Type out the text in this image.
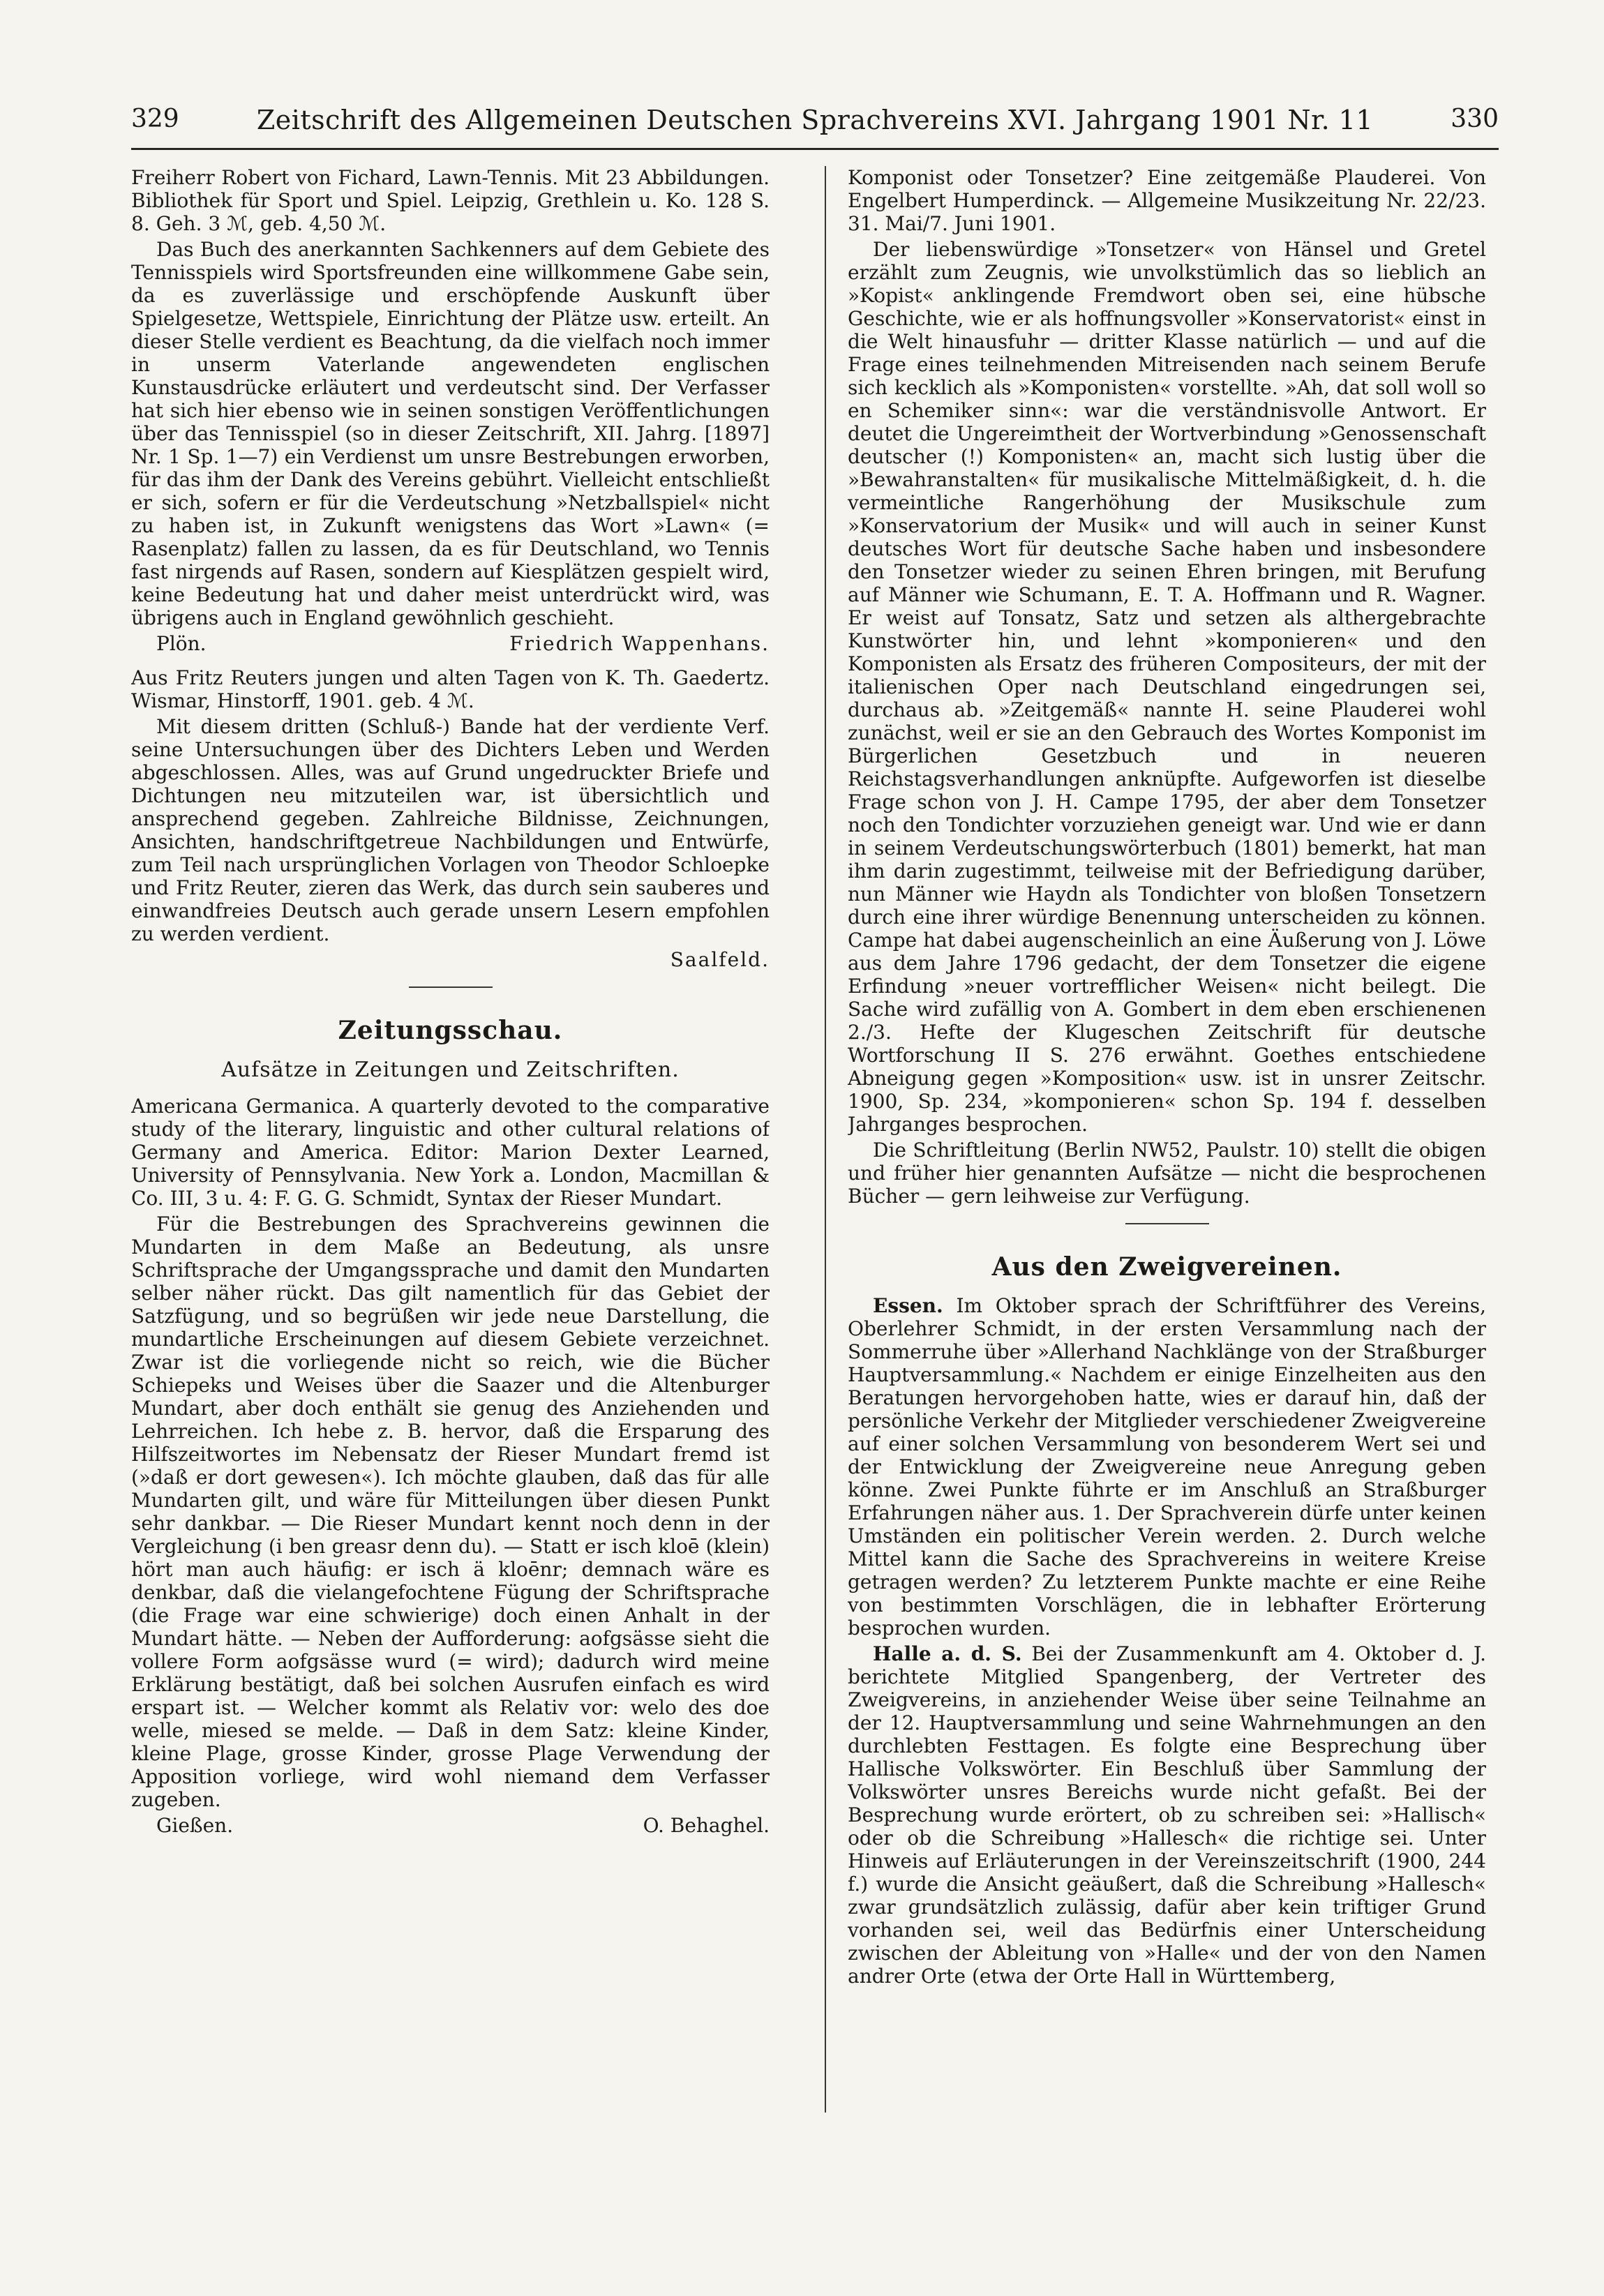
329	Zeitschrift des Allgemeinen Deutschen Sprachvereins XVI. Jahrgang 1901 Nr. 11	330

Freiherr Robert von Fichard, Lawn-Tennis. Mit 23 Abbildungen. Bibliothek für Sport und Spiel. Leipzig, Grethlein u. Ko. 128 S. 8. Geh. 3 ℳ, geb. 4,50 ℳ.

Das Buch des anerkannten Sachkenners auf dem Gebiete des Tennisspiels wird Sportsfreunden eine willkommene Gabe sein, da es zuverlässige und erschöpfende Auskunft über Spielgesetze, Wettspiele, Einrichtung der Plätze usw. erteilt. An dieser Stelle verdient es Beachtung, da die vielfach noch immer in unserm Vaterlande angewendeten englischen Kunstausdrücke erläutert und verdeutscht sind. Der Verfasser hat sich hier ebenso wie in seinen sonstigen Veröffentlichungen über das Tennisspiel (so in dieser Zeitschrift, XII. Jahrg. [1897] Nr. 1 Sp. 1—7) ein Verdienst um unsre Bestrebungen erworben, für das ihm der Dank des Vereins gebührt. Vielleicht entschließt er sich, sofern er für die Verdeutschung »Netzballspiel« nicht zu haben ist, in Zukunft wenigstens das Wort »Lawn« (= Rasenplatz) fallen zu lassen, da es für Deutschland, wo Tennis fast nirgends auf Rasen, sondern auf Kiesplätzen gespielt wird, keine Bedeutung hat und daher meist unterdrückt wird, was übrigens auch in England gewöhnlich geschieht.

Plön.	Friedrich Wappenhans.

Aus Fritz Reuters jungen und alten Tagen von K. Th. Gaedertz. Wismar, Hinstorff, 1901. geb. 4 ℳ.

Mit diesem dritten (Schluß-) Bande hat der verdiente Verf. seine Untersuchungen über des Dichters Leben und Werden abgeschlossen. Alles, was auf Grund ungedruckter Briefe und Dichtungen neu mitzuteilen war, ist übersichtlich und ansprechend gegeben. Zahlreiche Bildnisse, Zeichnungen, Ansichten, handschriftgetreue Nachbildungen und Entwürfe, zum Teil nach ursprünglichen Vorlagen von Theodor Schloepke und Fritz Reuter, zieren das Werk, das durch sein sauberes und einwandfreies Deutsch auch gerade unsern Lesern empfohlen zu werden verdient.

Saalfeld.
Zeitungsschau.
Aufsätze in Zeitungen und Zeitschriften.

Americana Germanica. A quarterly devoted to the comparative study of the literary, linguistic and other cultural relations of Germany and America. Editor: Marion Dexter Learned, University of Pennsylvania. New York a. London, Macmillan & Co. III, 3 u. 4: F. G. G. Schmidt, Syntax der Rieser Mundart.

Für die Bestrebungen des Sprachvereins gewinnen die Mundarten in dem Maße an Bedeutung, als unsre Schriftsprache der Umgangssprache und damit den Mundarten selber näher rückt. Das gilt namentlich für das Gebiet der Satzfügung, und so begrüßen wir jede neue Darstellung, die mundartliche Erscheinungen auf diesem Gebiete verzeichnet. Zwar ist die vorliegende nicht so reich, wie die Bücher Schiepeks und Weises über die Saazer und die Altenburger Mundart, aber doch enthält sie genug des Anziehenden und Lehrreichen. Ich hebe z. B. hervor, daß die Ersparung des Hilfszeitwortes im Nebensatz der Rieser Mundart fremd ist (»daß er dort gewesen«). Ich möchte glauben, daß das für alle Mundarten gilt, und wäre für Mitteilungen über diesen Punkt sehr dankbar. — Die Rieser Mundart kennt noch denn in der Vergleichung (i ben greasr denn du). — Statt er isch kloē (klein) hört man auch häufig: er isch ä kloēnr; demnach wäre es denkbar, daß die vielangefochtene Fügung der Schriftsprache (die Frage war eine schwierige) doch einen Anhalt in der Mundart hätte. — Neben der Aufforderung: aofgsässe sieht die vollere Form aofgsässe wurd (= wird); dadurch wird meine Erklärung bestätigt, daß bei solchen Ausrufen einfach es wird erspart ist. — Welcher kommt als Relativ vor: welo des doe welle, miesed se melde. — Daß in dem Satz: kleine Kinder, kleine Plage, grosse Kinder, grosse Plage Verwendung der Apposition vorliege, wird wohl niemand dem Verfasser zugeben.

Gießen.	O. Behaghel.

Komponist oder Tonsetzer? Eine zeitgemäße Plauderei. Von Engelbert Humperdinck. — Allgemeine Musikzeitung Nr. 22/23. 31. Mai/7. Juni 1901.

Der liebenswürdige »Tonsetzer« von Hänsel und Gretel erzählt zum Zeugnis, wie unvolkstümlich das so lieblich an »Kopist« anklingende Fremdwort oben sei, eine hübsche Geschichte, wie er als hoffnungsvoller »Konservatorist« einst in die Welt hinausfuhr — dritter Klasse natürlich — und auf die Frage eines teilnehmenden Mitreisenden nach seinem Berufe sich kecklich als »Komponisten« vorstellte. »Ah, dat soll woll so en Schemiker sinn«: war die verständnisvolle Antwort. Er deutet die Ungereimtheit der Wortverbindung »Genossenschaft deutscher (!) Komponisten« an, macht sich lustig über die »Bewahranstalten« für musikalische Mittelmäßigkeit, d. h. die vermeintliche Rangerhöhung der Musikschule zum »Konservatorium der Musik« und will auch in seiner Kunst deutsches Wort für deutsche Sache haben und insbesondere den Tonsetzer wieder zu seinen Ehren bringen, mit Berufung auf Männer wie Schumann, E. T. A. Hoffmann und R. Wagner. Er weist auf Tonsatz, Satz und setzen als althergebrachte Kunstwörter hin, und lehnt »komponieren« und den Komponisten als Ersatz des früheren Compositeurs, der mit der italienischen Oper nach Deutschland eingedrungen sei, durchaus ab. »Zeitgemäß« nannte H. seine Plauderei wohl zunächst, weil er sie an den Gebrauch des Wortes Komponist im Bürgerlichen Gesetzbuch und in neueren Reichstagsverhandlungen anknüpfte. Aufgeworfen ist dieselbe Frage schon von J. H. Campe 1795, der aber dem Tonsetzer noch den Tondichter vorzuziehen geneigt war. Und wie er dann in seinem Verdeutschungswörterbuch (1801) bemerkt, hat man ihm darin zugestimmt, teilweise mit der Befriedigung darüber, nun Männer wie Haydn als Tondichter von bloßen Tonsetzern durch eine ihrer würdige Benennung unterscheiden zu können. Campe hat dabei augenscheinlich an eine Äußerung von J. Löwe aus dem Jahre 1796 gedacht, der dem Tonsetzer die eigene Erfindung »neuer vortrefflicher Weisen« nicht beilegt. Die Sache wird zufällig von A. Gombert in dem eben erschienenen 2./3. Hefte der Klugeschen Zeitschrift für deutsche Wortforschung II S. 276 erwähnt. Goethes entschiedene Abneigung gegen »Komposition« usw. ist in unsrer Zeitschr. 1900, Sp. 234, »komponieren« schon Sp. 194 f. desselben Jahrganges besprochen.

Die Schriftleitung (Berlin NW52, Paulstr. 10) stellt die obigen und früher hier genannten Aufsätze — nicht die besprochenen Bücher — gern leihweise zur Verfügung.

Aus den Zweigvereinen.

Essen. Im Oktober sprach der Schriftführer des Vereins, Oberlehrer Schmidt, in der ersten Versammlung nach der Sommerruhe über »Allerhand Nachklänge von der Straßburger Hauptversammlung.« Nachdem er einige Einzelheiten aus den Beratungen hervorgehoben hatte, wies er darauf hin, daß der persönliche Verkehr der Mitglieder verschiedener Zweigvereine auf einer solchen Versammlung von besonderem Wert sei und der Entwicklung der Zweigvereine neue Anregung geben könne. Zwei Punkte führte er im Anschluß an Straßburger Erfahrungen näher aus. 1. Der Sprachverein dürfe unter keinen Umständen ein politischer Verein werden. 2. Durch welche Mittel kann die Sache des Sprachvereins in weitere Kreise getragen werden? Zu letzterem Punkte machte er eine Reihe von bestimmten Vorschlägen, die in lebhafter Erörterung besprochen wurden.

Halle a. d. S. Bei der Zusammenkunft am 4. Oktober d. J. berichtete Mitglied Spangenberg, der Vertreter des Zweigvereins, in anziehender Weise über seine Teilnahme an der 12. Hauptversammlung und seine Wahrnehmungen an den durchlebten Festtagen. Es folgte eine Besprechung über Hallische Volkswörter. Ein Beschluß über Sammlung der Volkswörter unsres Bereichs wurde nicht gefaßt. Bei der Besprechung wurde erörtert, ob zu schreiben sei: »Hallisch« oder ob die Schreibung »Hallesch« die richtige sei. Unter Hinweis auf Erläuterungen in der Vereinszeitschrift (1900, 244 f.) wurde die Ansicht geäußert, daß die Schreibung »Hallesch« zwar grundsätzlich zulässig, dafür aber kein triftiger Grund vorhanden sei, weil das Bedürfnis einer Unterscheidung zwischen der Ableitung von »Halle« und der von den Namen andrer Orte (etwa der Orte Hall in Württemberg,
